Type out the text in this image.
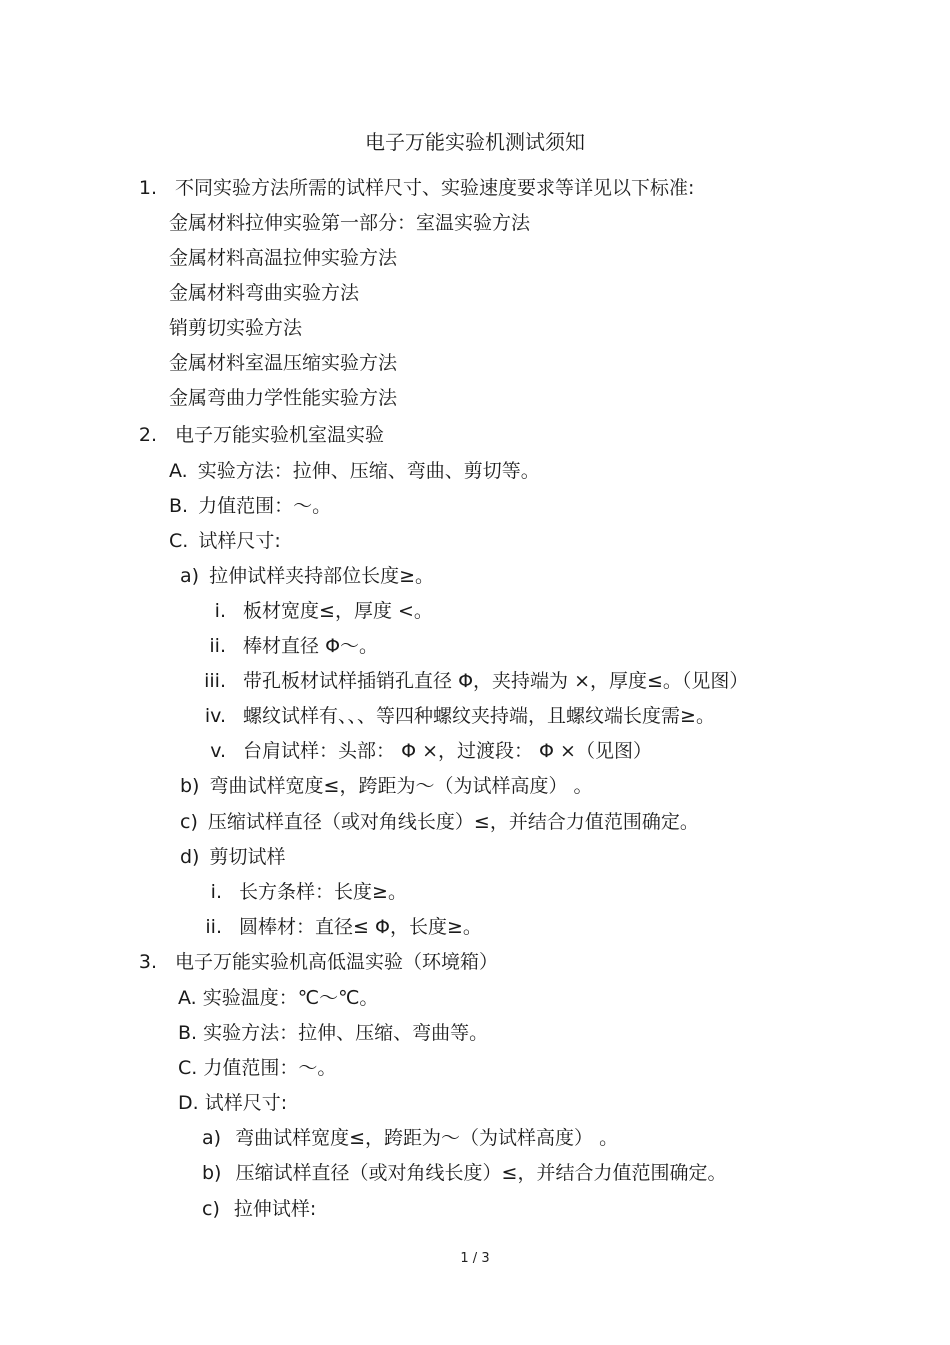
电子万能实验机测试须知
1. 不同实验方法所需的试样尺寸、实验速度要求等详见以下标准:
金属材料拉伸实验第一部分：室温实验方法
金属材料高温拉伸实验方法
金属材料弯曲实验方法
销剪切实验方法
金属材料室温压缩实验方法
金属弯曲力学性能实验方法
2. 电子万能实验机室温实验
A. 实验方法：拉伸、压缩、弯曲、剪切等。
B. 力值范围：～。
C. 试样尺寸:
a) 拉伸试样夹持部位长度≥。
i. 板材宽度≤，厚度 <。
ii. 棒材直径 Φ～。
iii. 带孔板材试样插销孔直径 Φ，夹持端为 ×，厚度≤。（见图）
iv. 螺纹试样有、、、等四种螺纹夹持端，且螺纹端长度需≥。
v. 台肩试样：头部： Φ ×，过渡段： Φ ×（见图）
b) 弯曲试样宽度≤，跨距为～（为试样高度） 。
c) 压缩试样直径（或对角线长度）≤，并结合力值范围确定。
d) 剪切试样
i. 长方条样：长度≥。
ii. 圆棒材：直径≤ Φ，长度≥。
3. 电子万能实验机高低温实验（环境箱）
A. 实验温度：℃～℃。
B. 实验方法：拉伸、压缩、弯曲等。
C. 力值范围：～。
D. 试样尺寸:
a) 弯曲试样宽度≤，跨距为～（为试样高度） 。
b) 压缩试样直径（或对角线长度）≤，并结合力值范围确定。
c) 拉伸试样:
1 / 3
